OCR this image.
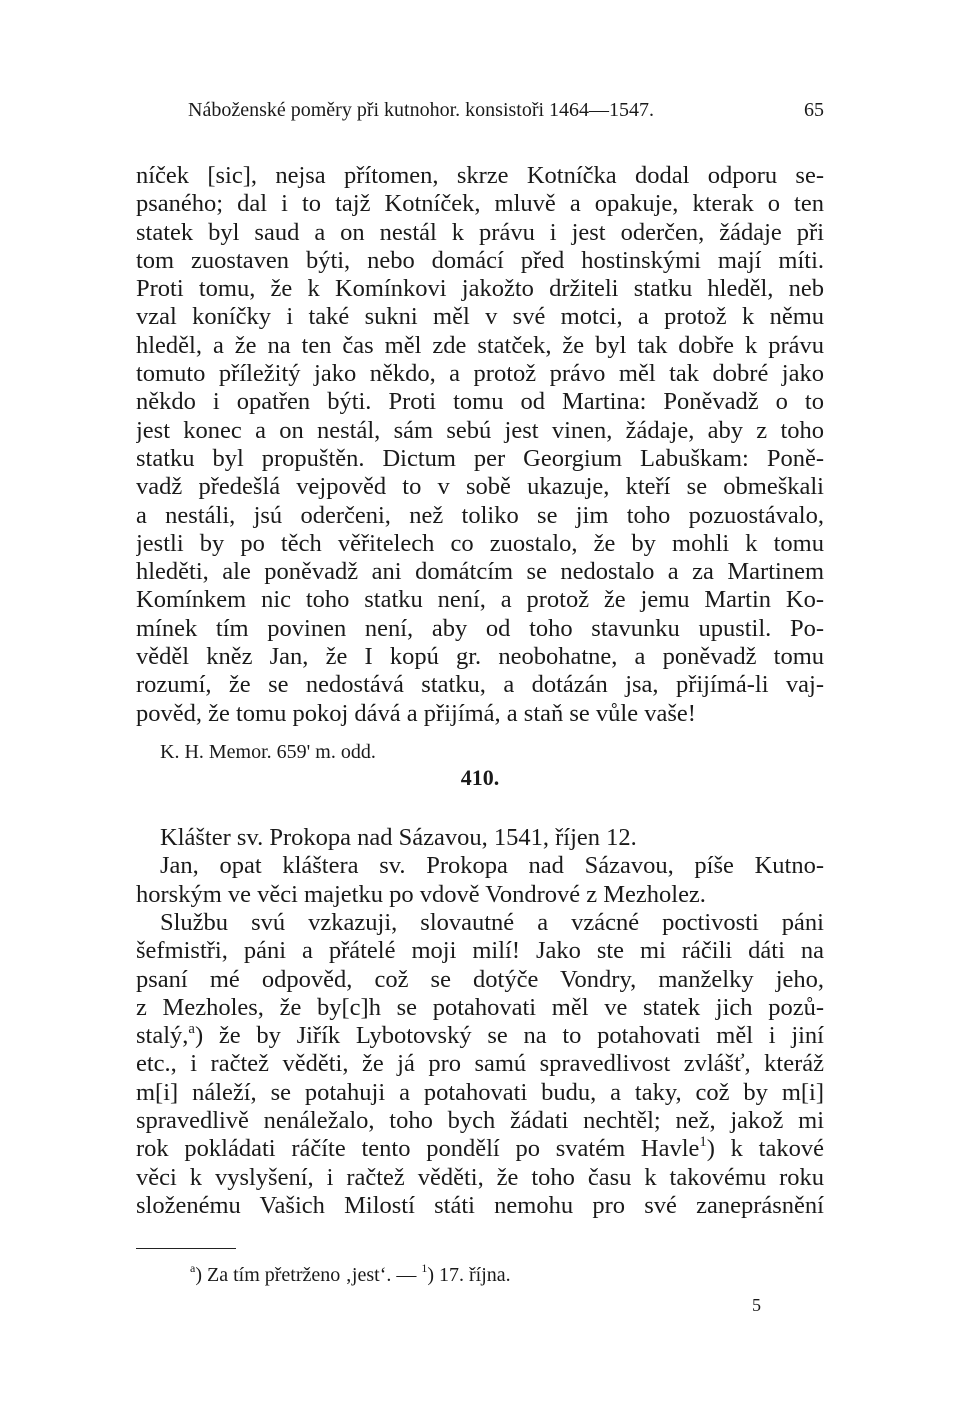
Náboženské poměry při kutnohor. konsistoři 1464—1547.	65
níček [sic], nejsa přítomen, skrze Kotníčka dodal odporu se-
psaného; dal i to tajž Kotníček, mluvě a opakuje, kterak o ten
statek byl saud a on nestál k právu i jest oderčen, žádaje při
tom zuostaven býti, nebo domácí před hostinskými mají míti.
Proti tomu, že k Komínkovi jakožto držiteli statku hleděl, neb
vzal koníčky i také sukni měl v své motci, a protož k němu
hleděl, a že na ten čas měl zde statček, že byl tak dobře k právu
tomuto příležitý jako někdo, a protož právo měl tak dobré jako
někdo i opatřen býti. Proti tomu od Martina: Poněvadž o to
jest konec a on nestál, sám sebú jest vinen, žádaje, aby z toho
statku byl propuštěn. Dictum per Georgium Labuškam: Poně-
vadž předešlá vejpověd to v sobě ukazuje, kteří se obmeškali
a nestáli, jsú oderčeni, než toliko se jim toho pozuostávalo,
jestli by po těch věřitelech co zuostalo, že by mohli k tomu
hleděti, ale poněvadž ani domátcím se nedostalo a za Martinem
Komínkem nic toho statku není, a protož že jemu Martin Ko-
mínek tím povinen není, aby od toho stavunku upustil. Po-
věděl kněz Jan, že I kopú gr. neobohatne, a poněvadž tomu
rozumí, že se nedostává statku, a dotázán jsa, přijímá-li vaj-
pověd, že tomu pokoj dává a přijímá, a staň se vůle vaše!
K. H. Memor. 659' m. odd.
410.
Klášter sv. Prokopa nad Sázavou, 1541, říjen 12.
Jan, opat kláštera sv. Prokopa nad Sázavou, píše Kutno-
horským ve věci majetku po vdově Vondrové z Mezholez.
Službu svú vzkazuji, slovautné a vzácné poctivosti páni
šefmistři, páni a přátelé moji milí! Jako ste mi ráčili dáti na
psaní mé odpověd, což se dotýče Vondry, manželky jeho,
z Mezholes, že by[c]h se potahovati měl ve statek jich pozů-
stalý,$^a$) že by Jiřík Lybotovský se na to potahovati měl i jiní
etc., i račtež věděti, že já pro samú spravedlivost zvlášť, kteráž
m[i] náleží, se potahuji a potahovati budu, a taky, což by m[i]
spravedlivě nenáležalo, toho bych žádati nechtěl; než, jakož mi
rok pokládati ráčíte tento pondělí po svatém Havle$^1$) k takové
věci k vyslyšení, i račtež věděti, že toho času k takovému roku
složenému Vašich Milostí státi nemohu pro své zaneprásnění
$^a$) Za tím přetrženo ‚jest‘. — $^1$) 17. října.
5
